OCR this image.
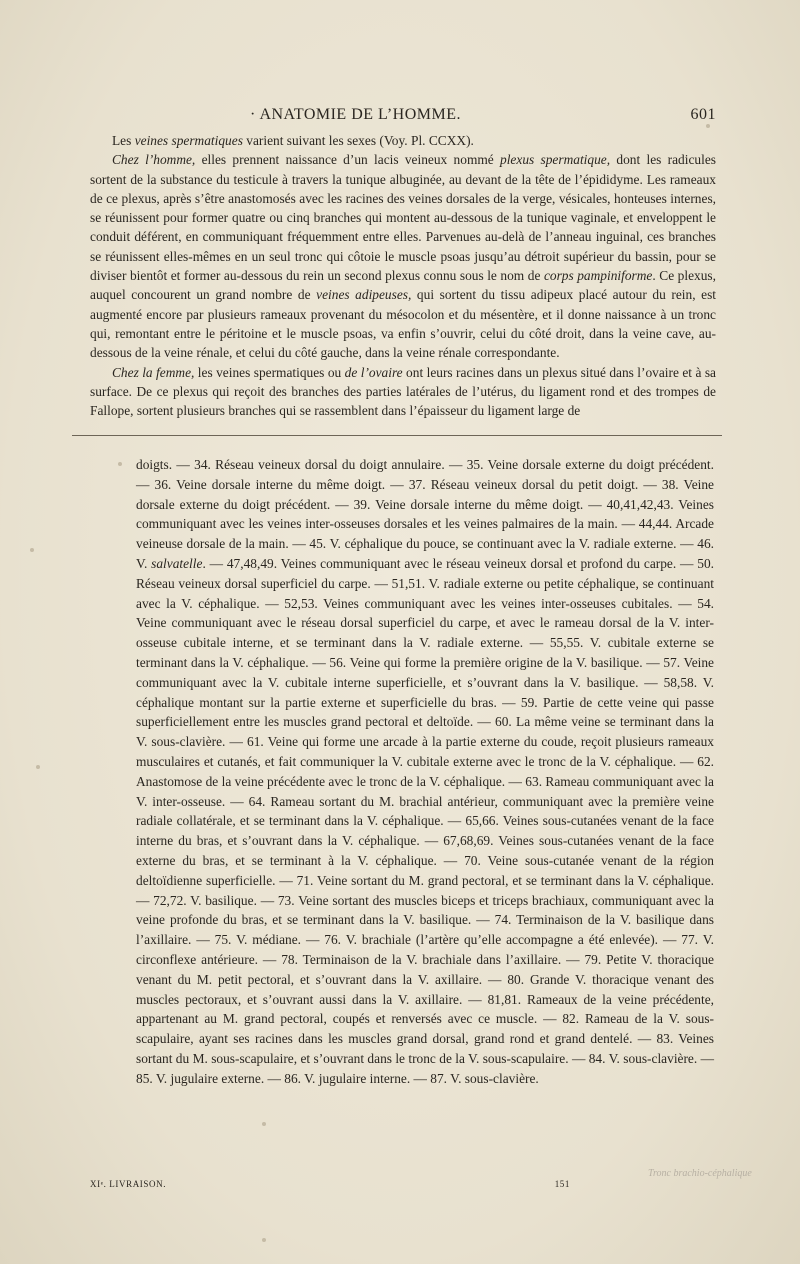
· ANATOMIE DE L’HOMME.	601

Les veines spermatiques varient suivant les sexes (Voy. Pl. CCXX).

Chez l’homme, elles prennent naissance d’un lacis veineux nommé plexus spermatique, dont les radicules sortent de la substance du testicule à travers la tunique albuginée, au devant de la tête de l’épididyme. Les rameaux de ce plexus, après s’être anastomosés avec les racines des veines dorsales de la verge, vésicales, honteuses internes, se réunissent pour former quatre ou cinq branches qui montent au-dessous de la tunique vaginale, et enveloppent le conduit déférent, en communiquant fréquemment entre elles. Parvenues au-delà de l’anneau inguinal, ces branches se réunissent elles-mêmes en un seul tronc qui côtoie le muscle psoas jusqu’au détroit supérieur du bassin, pour se diviser bientôt et former au-dessous du rein un second plexus connu sous le nom de corps pampiniforme. Ce plexus, auquel concourent un grand nombre de veines adipeuses, qui sortent du tissu adipeux placé autour du rein, est augmenté encore par plusieurs rameaux provenant du mésocolon et du mésentère, et il donne naissance à un tronc qui, remontant entre le péritoine et le muscle psoas, va enfin s’ouvrir, celui du côté droit, dans la veine cave, au-dessous de la veine rénale, et celui du côté gauche, dans la veine rénale correspondante.

Chez la femme, les veines spermatiques ou de l’ovaire ont leurs racines dans un plexus situé dans l’ovaire et à sa surface. De ce plexus qui reçoit des branches des parties latérales de l’utérus, du ligament rond et des trompes de Fallope, sortent plusieurs branches qui se rassemblent dans l’épaisseur du ligament large de

doigts. — 34. Réseau veineux dorsal du doigt annulaire. — 35. Veine dorsale externe du doigt précédent. — 36. Veine dorsale interne du même doigt. — 37. Réseau veineux dorsal du petit doigt. — 38. Veine dorsale externe du doigt précédent. — 39. Veine dorsale interne du même doigt. — 40,41,42,43. Veines communiquant avec les veines inter-osseuses dorsales et les veines palmaires de la main. — 44,44. Arcade veineuse dorsale de la main. — 45. V. céphalique du pouce, se continuant avec la V. radiale externe. — 46. V. salvatelle. — 47,48,49. Veines communiquant avec le réseau veineux dorsal et profond du carpe. — 50. Réseau veineux dorsal superficiel du carpe. — 51,51. V. radiale externe ou petite céphalique, se continuant avec la V. céphalique. — 52,53. Veines communiquant avec les veines inter-osseuses cubitales. — 54. Veine communiquant avec le réseau dorsal superficiel du carpe, et avec le rameau dorsal de la V. inter-osseuse cubitale interne, et se terminant dans la V. radiale externe. — 55,55. V. cubitale externe se terminant dans la V. céphalique. — 56. Veine qui forme la première origine de la V. basilique. — 57. Veine communiquant avec la V. cubitale interne superficielle, et s’ouvrant dans la V. basilique. — 58,58. V. céphalique montant sur la partie externe et superficielle du bras. — 59. Partie de cette veine qui passe superficiellement entre les muscles grand pectoral et deltoïde. — 60. La même veine se terminant dans la V. sous-clavière. — 61. Veine qui forme une arcade à la partie externe du coude, reçoit plusieurs rameaux musculaires et cutanés, et fait communiquer la V. cubitale externe avec le tronc de la V. céphalique. — 62. Anastomose de la veine précédente avec le tronc de la V. céphalique. — 63. Rameau communiquant avec la V. inter-osseuse. — 64. Rameau sortant du M. brachial antérieur, communiquant avec la première veine radiale collatérale, et se terminant dans la V. céphalique. — 65,66. Veines sous-cutanées venant de la face interne du bras, et s’ouvrant dans la V. céphalique. — 67,68,69. Veines sous-cutanées venant de la face externe du bras, et se terminant à la V. céphalique. — 70. Veine sous-cutanée venant de la région deltoïdienne superficielle. — 71. Veine sortant du M. grand pectoral, et se terminant dans la V. céphalique. — 72,72. V. basilique. — 73. Veine sortant des muscles biceps et triceps brachiaux, communiquant avec la veine profonde du bras, et se terminant dans la V. basilique. — 74. Terminaison de la V. basilique dans l’axillaire. — 75. V. médiane. — 76. V. brachiale (l’artère qu’elle accompagne a été enlevée). — 77. V. circonflexe antérieure. — 78. Terminaison de la V. brachiale dans l’axillaire. — 79. Petite V. thoracique venant du M. petit pectoral, et s’ouvrant dans la V. axillaire. — 80. Grande V. thoracique venant des muscles pectoraux, et s’ouvrant aussi dans la V. axillaire. — 81,81. Rameaux de la veine précédente, appartenant au M. grand pectoral, coupés et renversés avec ce muscle. — 82. Rameau de la V. sous-scapulaire, ayant ses racines dans les muscles grand dorsal, grand rond et grand dentelé. — 83. Veines sortant du M. sous-scapulaire, et s’ouvrant dans le tronc de la V. sous-scapulaire. — 84. V. sous-clavière. — 85. V. jugulaire externe. — 86. V. jugulaire interne. — 87. V. sous-clavière.

XIᵉ. LIVRAISON.	151
Tronc brachio-céphalique
